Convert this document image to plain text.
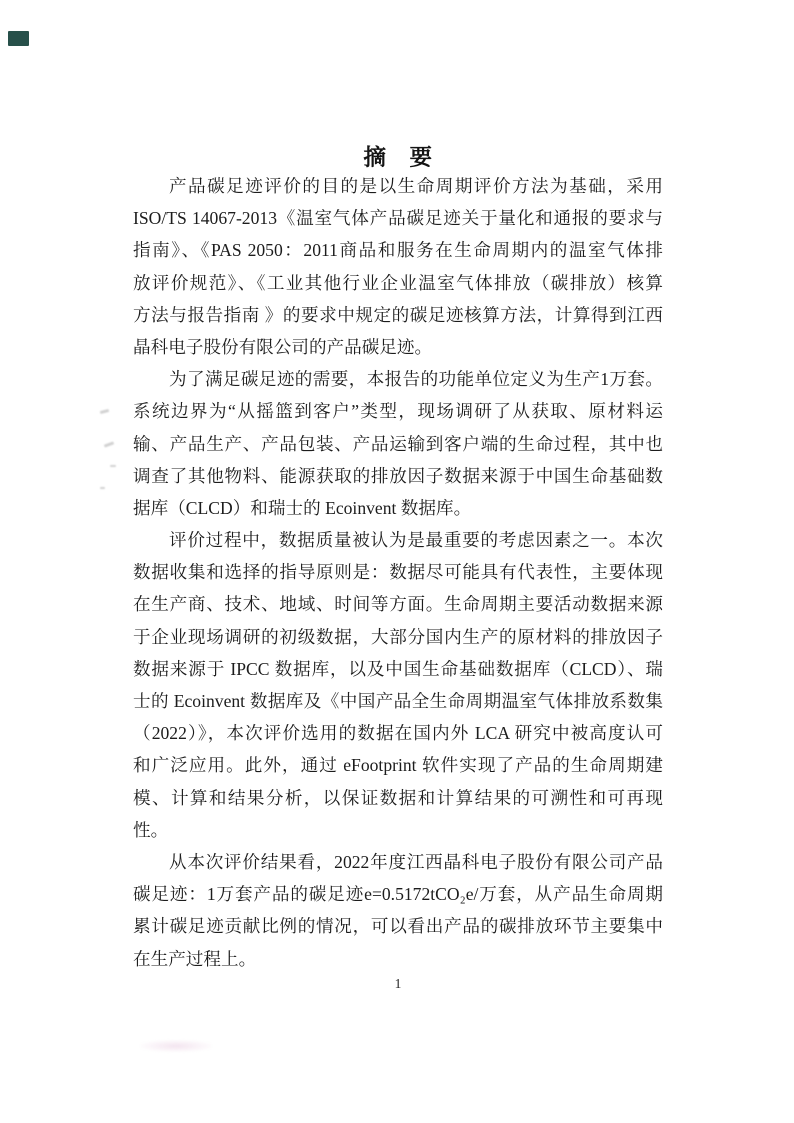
摘　要
产品碳足迹评价的目的是以生命周期评价方法为基础，采用
ISO/TS 14067-2013《温室气体产品碳足迹关于量化和通报的要求与
指南》、《PAS 2050：2011商品和服务在生命周期内的温室气体排
放评价规范》、《工业其他行业企业温室气体排放（碳排放）核算
方法与报告指南 》的要求中规定的碳足迹核算方法，计算得到江西
晶科电子股份有限公司的产品碳足迹。
为了满足碳足迹的需要，本报告的功能单位定义为生产1万套。
系统边界为“从摇篮到客户”类型，现场调研了从获取、原材料运
输、产品生产、产品包装、产品运输到客户端的生命过程，其中也
调查了其他物料、能源获取的排放因子数据来源于中国生命基础数
据库（CLCD）和瑞士的 Ecoinvent 数据库。
评价过程中，数据质量被认为是最重要的考虑因素之一。本次
数据收集和选择的指导原则是：数据尽可能具有代表性，主要体现
在生产商、技术、地域、时间等方面。生命周期主要活动数据来源
于企业现场调研的初级数据，大部分国内生产的原材料的排放因子
数据来源于 IPCC 数据库，以及中国生命基础数据库（CLCD）、瑞
士的 Ecoinvent 数据库及《中国产品全生命周期温室气体排放系数集
（2022）》，本次评价选用的数据在国内外 LCA 研究中被高度认可
和广泛应用。此外，通过 eFootprint 软件实现了产品的生命周期建
模、计算和结果分析，以保证数据和计算结果的可溯性和可再现
性。
从本次评价结果看，2022年度江西晶科电子股份有限公司产品
碳足迹：1万套产品的碳足迹e=0.5172tCO₂e/万套，从产品生命周期
累计碳足迹贡献比例的情况，可以看出产品的碳排放环节主要集中
在生产过程上。
1
